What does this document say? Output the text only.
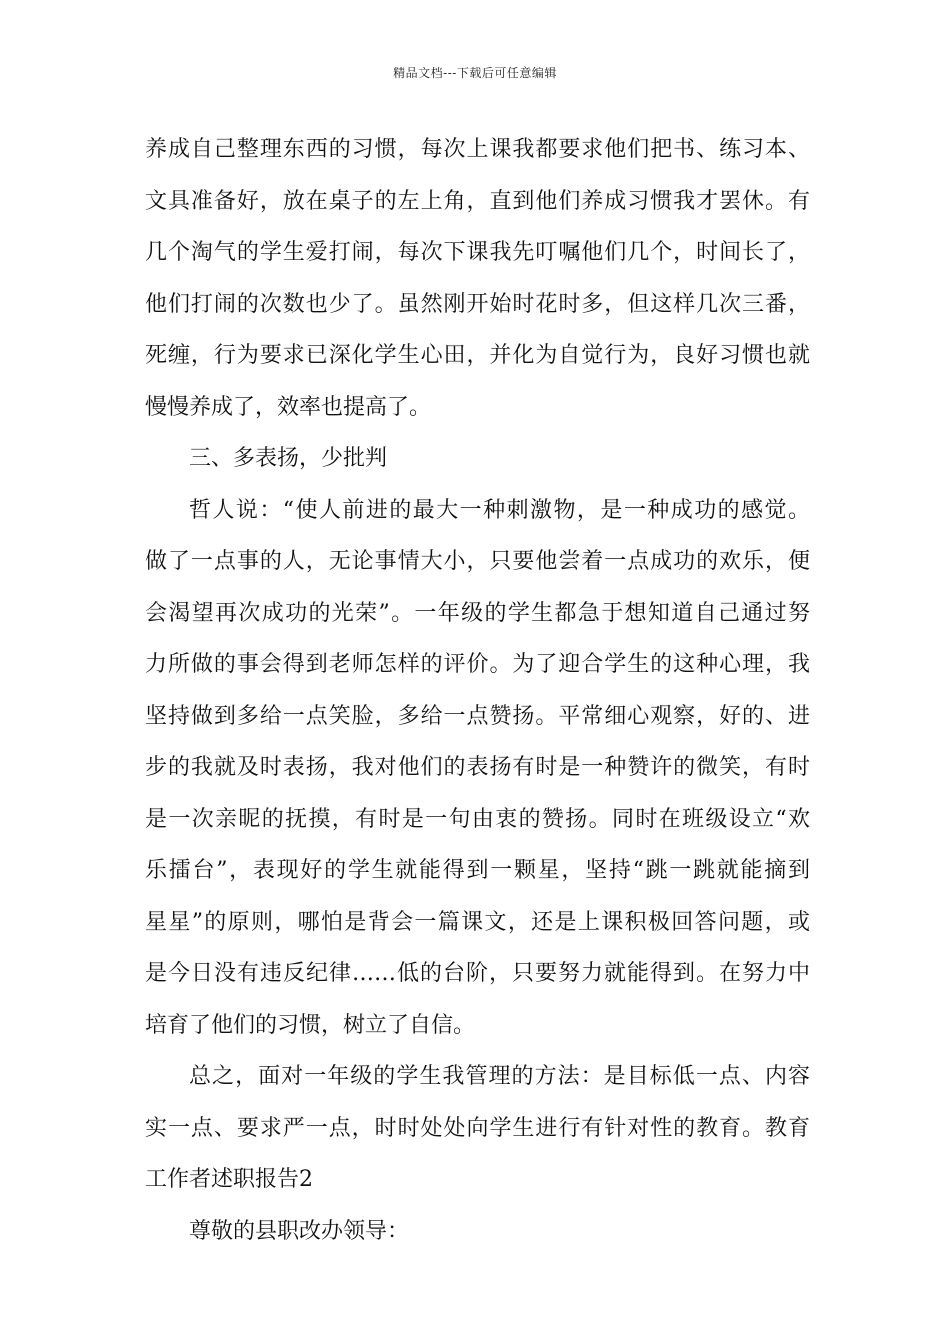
精品文档---下载后可任意编辑
养成自己整理东西的习惯，每次上课我都要求他们把书、练习本、
文具准备好，放在桌子的左上角，直到他们养成习惯我才罢休。有
几个淘气的学生爱打闹，每次下课我先叮嘱他们几个，时间长了，
他们打闹的次数也少了。虽然刚开始时花时多，但这样几次三番，
死缠，行为要求已深化学生心田，并化为自觉行为，良好习惯也就
慢慢养成了，效率也提高了。
三、多表扬，少批判
哲人说：“使人前进的最大一种刺激物，是一种成功的感觉。
做了一点事的人，无论事情大小，只要他尝着一点成功的欢乐，便
会渴望再次成功的光荣”。一年级的学生都急于想知道自己通过努
力所做的事会得到老师怎样的评价。为了迎合学生的这种心理，我
坚持做到多给一点笑脸，多给一点赞扬。平常细心观察，好的、进
步的我就及时表扬，我对他们的表扬有时是一种赞许的微笑，有时
是一次亲昵的抚摸，有时是一句由衷的赞扬。同时在班级设立“欢
乐擂台”，表现好的学生就能得到一颗星，坚持“跳一跳就能摘到
星星”的原则，哪怕是背会一篇课文，还是上课积极回答问题，或
是今日没有违反纪律……低的台阶，只要努力就能得到。在努力中
培育了他们的习惯，树立了自信。
总之，面对一年级的学生我管理的方法：是目标低一点、内容
实一点、要求严一点，时时处处向学生进行有针对性的教育。教育
工作者述职报告2
尊敬的县职改办领导：
